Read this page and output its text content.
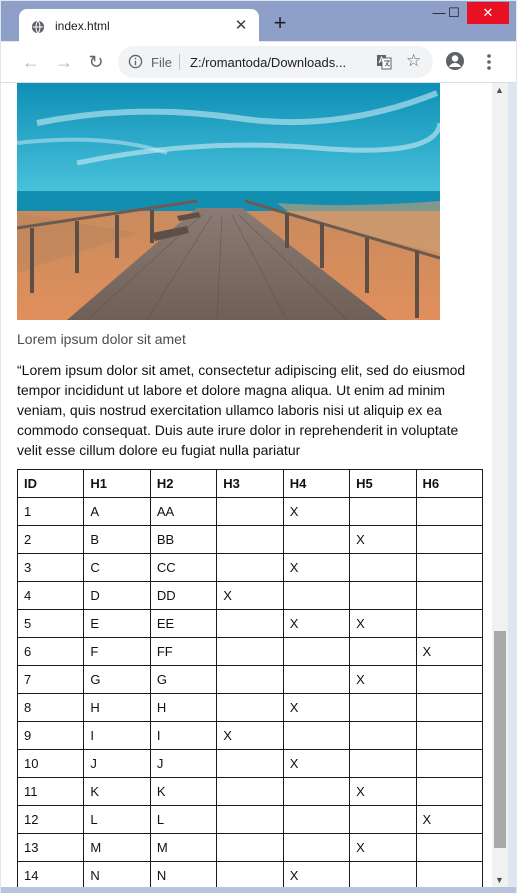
index.html	✕ +	— ☐	✕
← → ↻	File Z:/romantoda/Downloads...	☆
Lorem ipsum dolor sit amet
“Lorem ipsum dolor sit amet, consectetur adipiscing elit, sed do eiusmod tempor incididunt ut labore et dolore magna aliqua. Ut enim ad minim veniam, quis nostrud exercitation ullamco laboris nisi ut aliquip ex ea commodo consequat. Duis aute irure dolor in reprehenderit in voluptate velit esse cillum dolore eu fugiat nulla pariatur
ID	H1	H2	H3	H4	H5	H6
1	A	AA		X		
2	B	BB			X	
3	C	CC		X		
4	D	DD	X			
5	E	EE		X	X	
6	F	FF				X
7	G	G			X	
8	H	H		X		
9	I	I	X			
10	J	J		X		
11	K	K			X	
12	L	L				X
13	M	M			X	
14	N	N		X		
▲
▼
